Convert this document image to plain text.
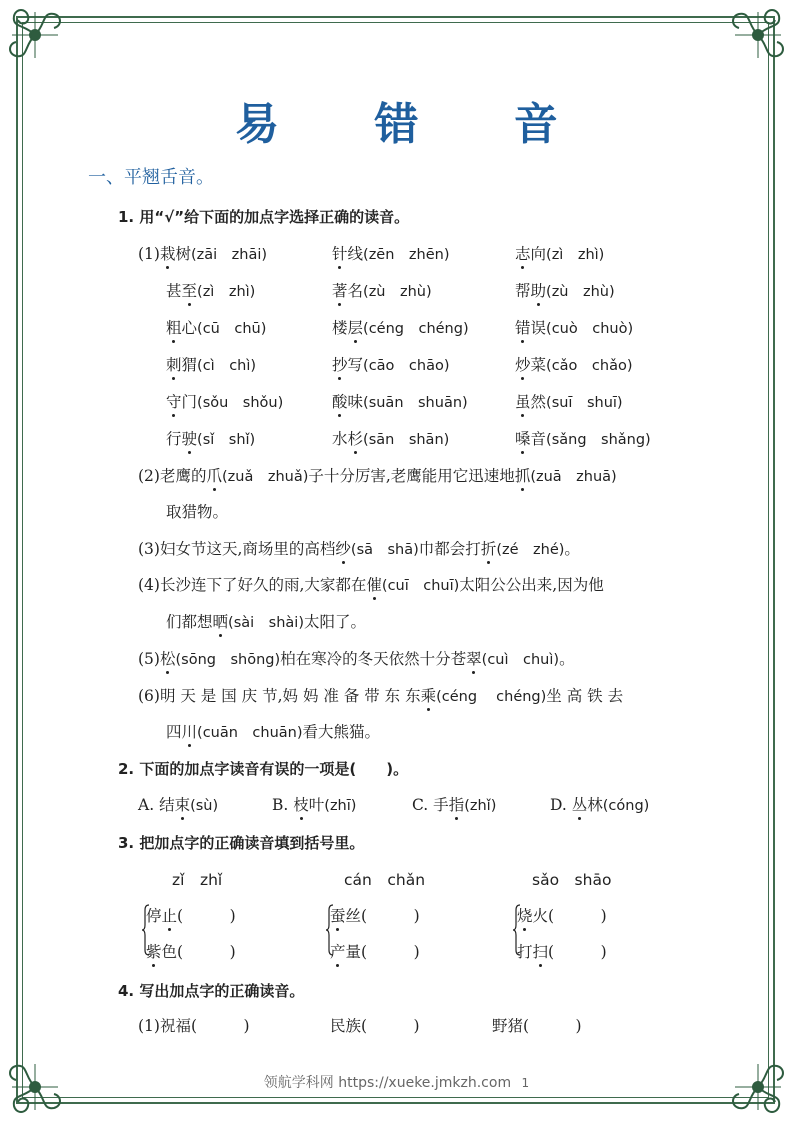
易 错 音
一、平翘舌音。
1. 用“√”给下面的加点字选择正确的读音。
(1)栽树(zāi　zhāi)	针线(zēn　zhēn)	志向(zì　zhì)
甚至(zì　zhì)	著名(zù　zhù)	帮助(zù　zhù)
粗心(cū　chū)	楼层(céng　chéng)	错误(cuò　chuò)
刺猬(cì　chì)	抄写(cāo　chāo)	炒菜(cǎo　chǎo)
守门(sǒu　shǒu)	酸味(suān　shuān)	虽然(suī　shuī)
行驶(sǐ　shǐ)	水杉(sān　shān)	嗓音(sǎng　shǎng)
(2)老鹰的爪(zuǎ　zhuǎ)子十分厉害,老鹰能用它迅速地抓(zuā　zhuā)
取猎物。
(3)妇女节这天,商场里的高档纱(sā　shā)巾都会打折(zé　zhé)。
(4)长沙连下了好久的雨,大家都在催(cuī　chuī)太阳公公出来,因为他
们都想晒(sài　shài)太阳了。
(5)松(sōng　shōng)柏在寒冷的冬天依然十分苍翠(cuì　chuì)。
(6)明 天 是 国 庆 节,妈 妈 准 备 带 东 东乘(céng　 chéng)坐 高 铁 去
四川(cuān　chuān)看大熊猫。
2. 下面的加点字读音有误的一项是(　　)。
A. 结束(sù)	B. 枝叶(zhī)	C. 手指(zhǐ)	D. 丛林(cóng)
3. 把加点字的正确读音填到括号里。
zǐ　zhǐ
停止(　　　)
紫色(　　　)
cán　chǎn
蚕丝(　　　)
产量(　　　)
sǎo　shāo
烧火(　　　)
打扫(　　　)
4. 写出加点字的正确读音。
(1)祝福(　　　)	民族(　　　)	野猪(　　　)
领航学科网 https://xueke.jmkzh.com 1
